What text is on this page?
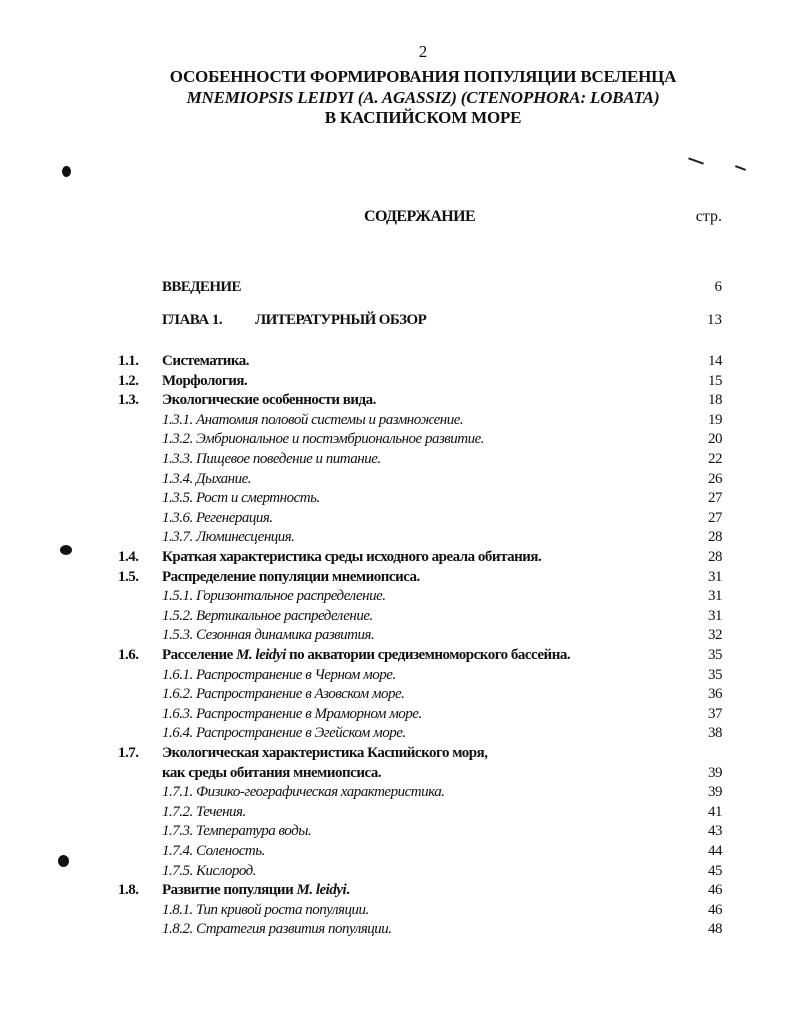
2
ОСОБЕННОСТИ ФОРМИРОВАНИЯ ПОПУЛЯЦИИ ВСЕЛЕНЦА
MNEMIOPSIS LEIDYI (A. AGASSIZ) (CTENOPHORA: LOBATA)
В КАСПИЙСКОМ МОРЕ
СОДЕРЖАНИЕ	стр.
ВВЕДЕНИЕ	6
ГЛАВА 1. ЛИТЕРАТУРНЫЙ ОБЗОР	13
1.1. Систематика.	14
1.2. Морфология.	15
1.3. Экологические особенности вида.	18
1.3.1. Анатомия половой системы и размножение.	19
1.3.2. Эмбриональное и постэмбриональное развитие.	20
1.3.3. Пищевое поведение и питание.	22
1.3.4. Дыхание.	26
1.3.5. Рост и смертность.	27
1.3.6. Регенерация.	27
1.3.7. Люминесценция.	28
1.4. Краткая характеристика среды исходного ареала обитания.	28
1.5. Распределение популяции мнемиопсиса.	31
1.5.1. Горизонтальное распределение.	31
1.5.2. Вертикальное распределение.	31
1.5.3. Сезонная динамика развития.	32
1.6. Расселение M. leidyi по акватории средиземноморского бассейна.	35
1.6.1. Распространение в Черном море.	35
1.6.2. Распространение в Азовском море.	36
1.6.3. Распространение в Мраморном море.	37
1.6.4. Распространение в Эгейском море.	38
1.7. Экологическая характеристика Каспийского моря,
как среды обитания мнемиопсиса.	39
1.7.1. Физико-географическая характеристика.	39
1.7.2. Течения.	41
1.7.3. Температура воды.	43
1.7.4. Соленость.	44
1.7.5. Кислород.	45
1.8. Развитие популяции M. leidyi.	46
1.8.1. Тип кривой роста популяции.	46
1.8.2. Стратегия развития популяции.	48
